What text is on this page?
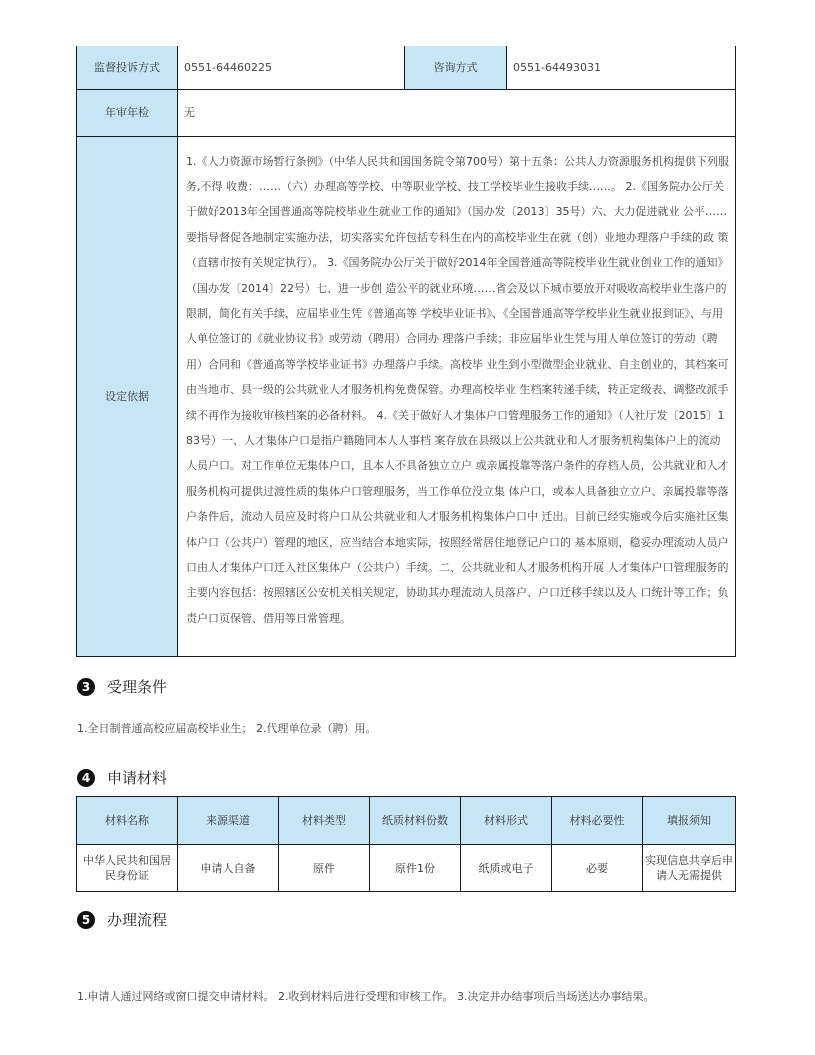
监督投诉方式	0551-64460225	咨询方式	0551-64493031
年审年检	无		
设定依据	1.《人力资源市场暂行条例》（中华人民共和国国务院令第700号）第十五条：公共人力资源服务机构提供下列服务,不得 收费：……（六）办理高等学校、中等职业学校、技工学校毕业生接收手续……。 2.《国务院办公厅关于做好2013年全国普通高等院校毕业生就业工作的通知》（国办发〔2013〕35号）六、大力促进就业 公平……要指导督促各地制定实施办法，切实落实允许包括专科生在内的高校毕业生在就（创）业地办理落户手续的政 策（直辖市按有关规定执行）。 3.《国务院办公厅关于做好2014年全国普通高等院校毕业生就业创业工作的通知》（国办发〔2014〕22号）七、进一步创 造公平的就业环境……省会及以下城市要放开对吸收高校毕业生落户的限制，简化有关手续，应届毕业生凭《普通高等 学校毕业证书》、《全国普通高等学校毕业生就业报到证》、与用人单位签订的《就业协议书》或劳动（聘用）合同办 理落户手续；非应届毕业生凭与用人单位签订的劳动（聘用）合同和《普通高等学校毕业证书》办理落户手续。高校毕 业生到小型微型企业就业、自主创业的，其档案可由当地市、县一级的公共就业人才服务机构免费保管。办理高校毕业 生档案转递手续，转正定级表、调整改派手续不再作为接收审核档案的必备材料。 4.《关于做好人才集体户口管理服务工作的通知》（人社厅发〔2015〕183号）一、人才集体户口是指户籍随同本人人事档 案存放在县级以上公共就业和人才服务机构集体户上的流动人员户口。对工作单位无集体户口，且本人不具备独立立户 或亲属投靠等落户条件的存档人员，公共就业和人才服务机构可提供过渡性质的集体户口管理服务，当工作单位没立集 体户口，或本人具备独立立户、亲属投靠等落户条件后，流动人员应及时将户口从公共就业和人才服务机构集体户口中 迁出。目前已经实施或今后实施社区集体户口（公共户）管理的地区，应当结合本地实际，按照经常居住地登记户口的 基本原则，稳妥办理流动人员户口由人才集体户口迁入社区集体户（公共户）手续。二、公共就业和人才服务机构开展 人才集体户口管理服务的主要内容包括：按照辖区公安机关相关规定，协助其办理流动人员落户、户口迁移手续以及人 口统计等工作；负责户口页保管、借用等日常管理。		
3	受理条件
1.全日制普通高校应届高校毕业生； 2.代理单位录（聘）用。
4	申请材料
材料名称	来源渠道	材料类型	纸质材料份数	材料形式	材料必要性	填报须知
中华人民共和国居民身份证	申请人自备	原件	原件1份	纸质或电子	必要	实现信息共享后申请人无需提供
5	办理流程
1.申请人通过网络或窗口提交申请材料。 2.收到材料后进行受理和审核工作。 3.决定并办结事项后当场送达办事结果。
